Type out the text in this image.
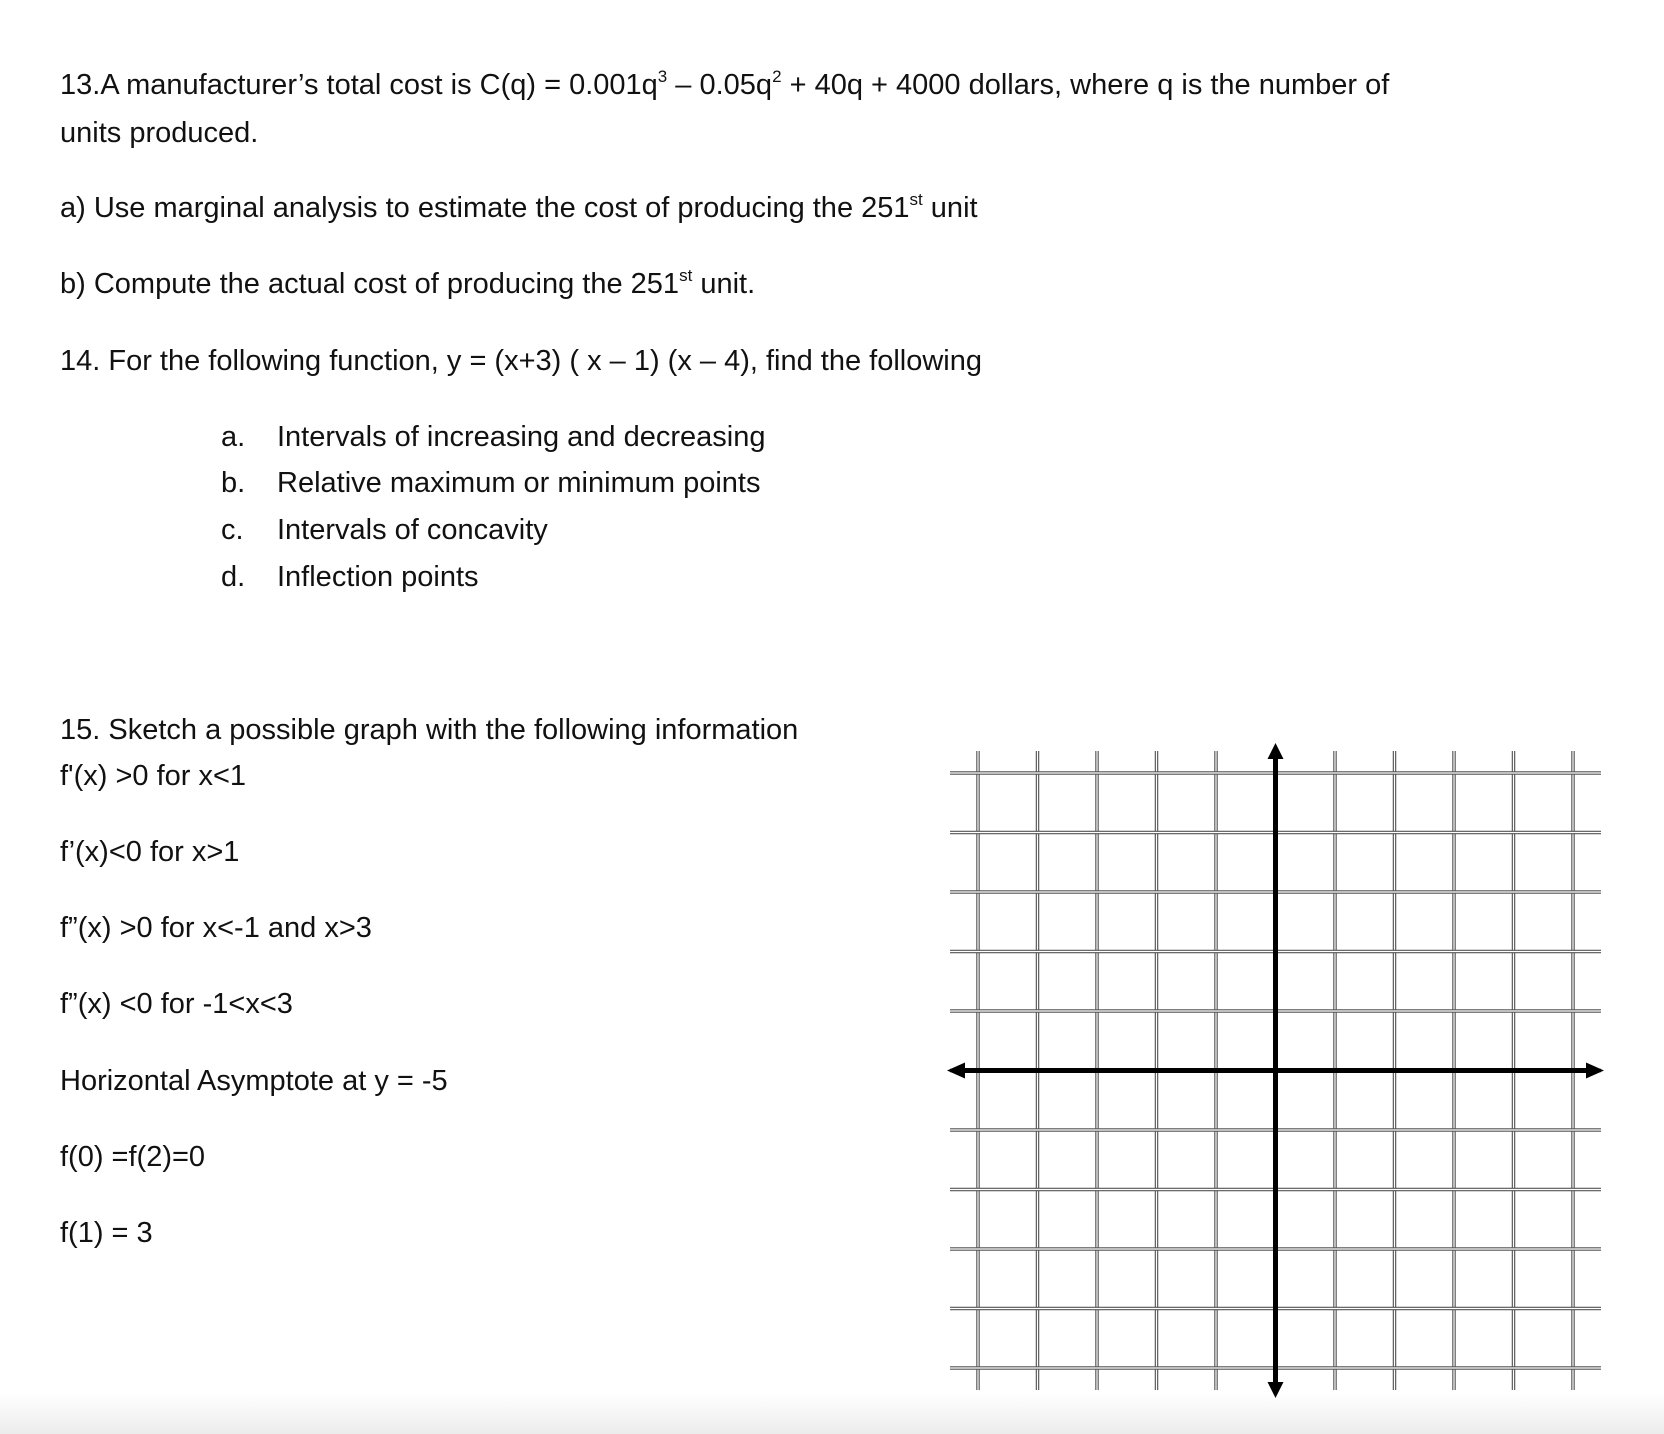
13.A manufacturer’s total cost is $C(q) = 0.001q^3 - 0.05q^2 + 40q + 4000$ dollars, where q is the number of

units produced.

a) Use marginal analysis to estimate the cost of producing the 251st unit

b) Compute the actual cost of producing the 251st unit.

14. For the following function, y = (x+3) ( x – 1) (x – 4), find the following

a.	Intervals of increasing and decreasing

b.	Relative maximum or minimum points

c.	Intervals of concavity

d.	Inflection points

15. Sketch a possible graph with the following information

f'(x) >0 for x<1

f’(x)<0 for x>1

f”(x) >0 for x<-1 and x>3

f”(x) <0 for -1<x<3

Horizontal Asymptote at y = -5

f(0) =f(2)=0

f(1) = 3
